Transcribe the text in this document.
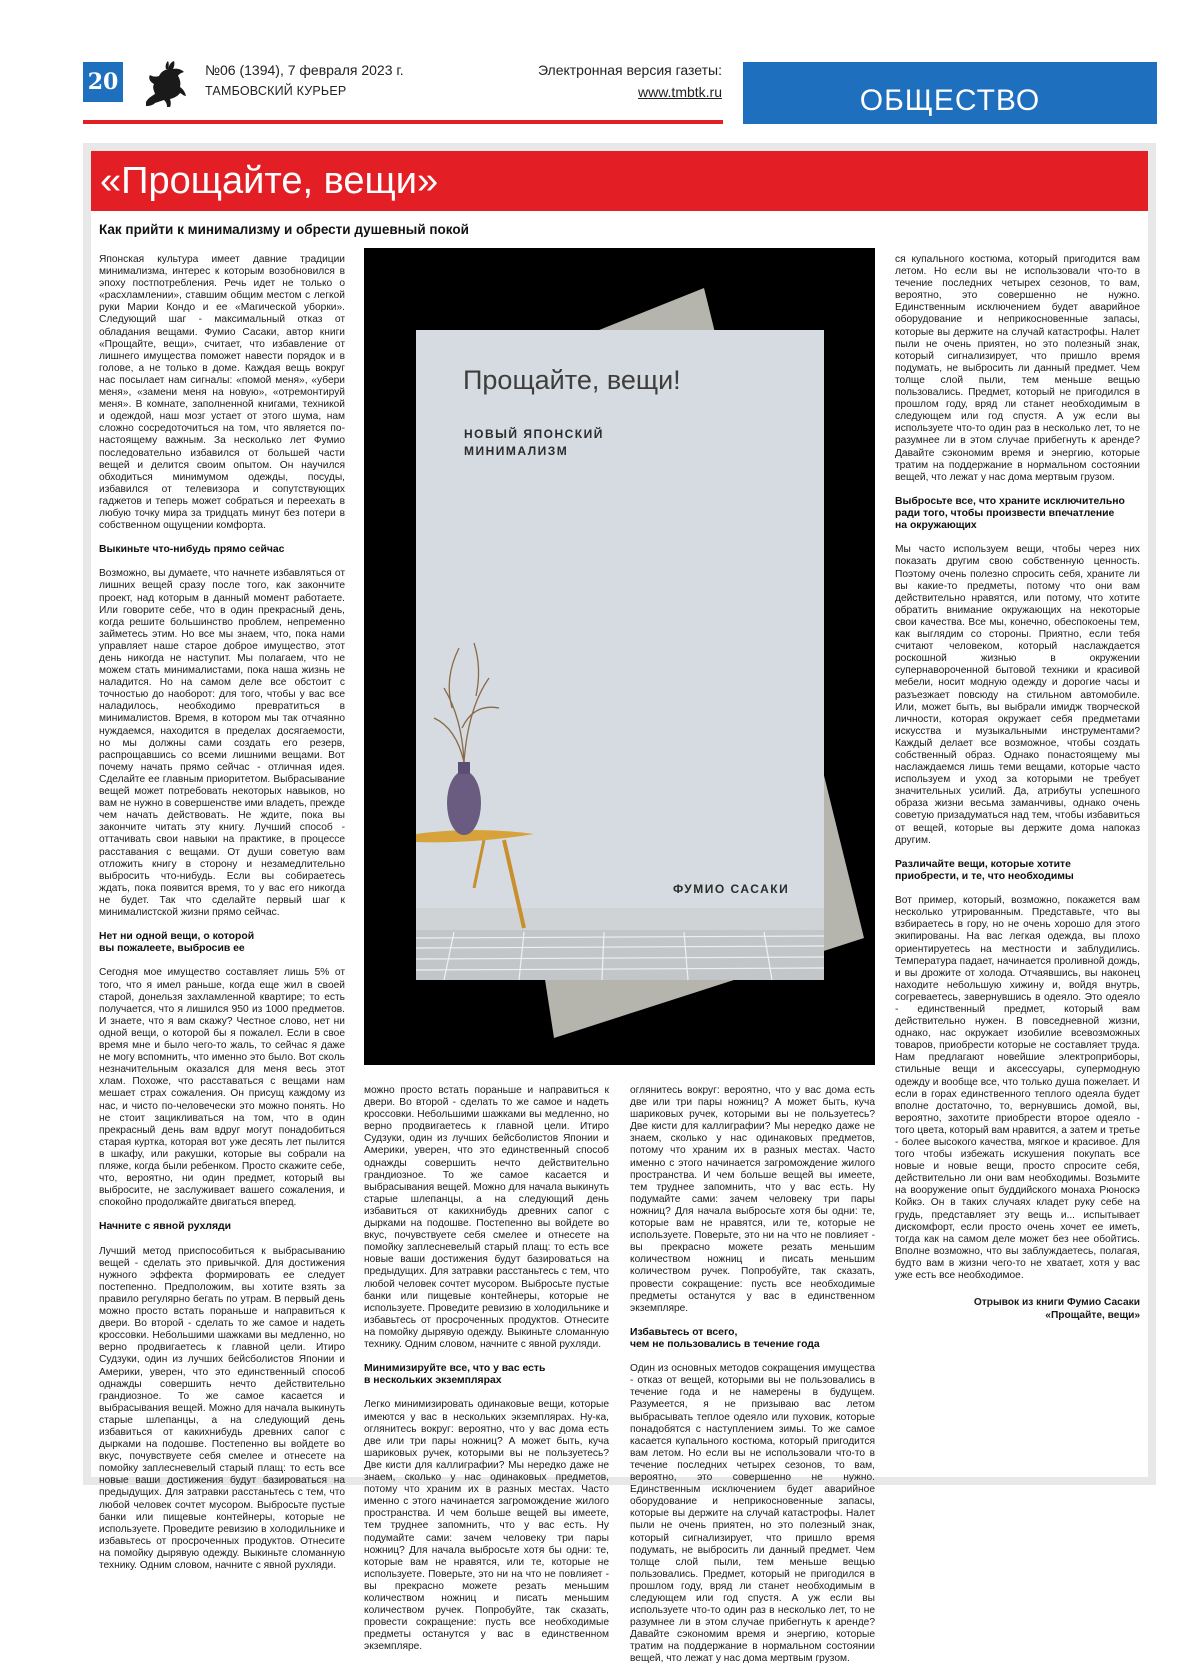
20	№06 (1394), 7 февраля 2023 г.
ТАМБОВСКИЙ КУРЬЕР
Электронная версия газеты:
www.tmbtk.ru	ОБЩЕСТВО
«Прощайте, вещи»
Как прийти к минимализму и обрести душевный покой

Японская культура имеет давние традиции минимализма, интерес к которым возобновился в эпоху постпотребления. Речь идет не только о «расхламлении», ставшим общим местом с легкой руки Марии Кондо и ее «Магической уборки». Следующий шаг - максимальный отказ от обладания вещами. Фумио Сасаки, автор книги «Прощайте, вещи», считает, что избавление от лишнего имущества поможет навести порядок и в голове, а не только в доме. Каждая вещь вокруг нас посылает нам сигналы: «помой меня», «убери меня», «замени меня на новую», «отремонтируй меня». В комнате, заполненной книгами, техникой и одеждой, наш мозг устает от этого шума, нам сложно сосредоточиться на том, что является по-настоящему важным. За несколько лет Фумио последовательно избавился от большей части вещей и делится своим опытом. Он научился обходиться минимумом одежды, посуды, избавился от телевизора и сопутствующих гаджетов и теперь может собраться и переехать в любую точку мира за тридцать минут без потери в собственном ощущении комфорта.

Выкиньте что-нибудь прямо сейчас

Возможно, вы думаете, что начнете избавляться от лишних вещей сразу после того, как закончите проект, над которым в данный момент работаете. Или говорите себе, что в один прекрасный день, когда решите большинство проблем, непременно займетесь этим. Но все мы знаем, что, пока нами управляет наше старое доброе имущество, этот день никогда не наступит. Мы полагаем, что не можем стать минималистами, пока наша жизнь не наладится. Но на самом деле все обстоит с точностью до наоборот: для того, чтобы у вас все наладилось, необходимо превратиться в минималистов. Время, в котором мы так отчаянно нуждаемся, находится в пределах досягаемости, но мы должны сами создать его резерв, распрощавшись со всеми лишними вещами. Вот почему начать прямо сейчас - отличная идея. Сделайте ее главным приоритетом. Выбрасывание вещей может потребовать некоторых навыков, но вам не нужно в совершенстве ими владеть, прежде чем начать действовать. Не ждите, пока вы закончите читать эту книгу. Лучший способ - оттачивать свои навыки на практике, в процессе расставания с вещами. От души советую вам отложить книгу в сторону и незамедлительно выбросить что-нибудь. Если вы собираетесь ждать, пока появится время, то у вас его никогда не будет. Так что сделайте первый шаг к минималистской жизни прямо сейчас.

Нет ни одной вещи, о которой
вы пожалеете, выбросив ее

Сегодня мое имущество составляет лишь 5% от того, что я имел раньше, когда еще жил в своей старой, донельзя захламленной квартире; то есть получается, что я лишился 950 из 1000 предметов. И знаете, что я вам скажу? Честное слово, нет ни одной вещи, о которой бы я пожалел. Если в свое время мне и было чего-то жаль, то сейчас я даже не могу вспомнить, что именно это было. Вот сколь незначительным оказался для меня весь этот хлам. Похоже, что расставаться с вещами нам мешает страх сожаления. Он присущ каждому из нас, и чисто по-человечески это можно понять. Но не стоит зацикливаться на том, что в один прекрасный день вам вдруг могут понадобиться старая куртка, которая вот уже десять лет пылится в шкафу, или ракушки, которые вы собрали на пляже, когда были ребенком. Просто скажите себе, что, вероятно, ни один предмет, который вы выбросите, не заслуживает вашего сожаления, и спокойно продолжайте двигаться вперед.

Начните с явной рухляди

Лучший метод приспособиться к выбрасыванию вещей - сделать это привычкой. Для достижения нужного эффекта формировать ее следует постепенно. Предположим, вы хотите взять за правило регулярно бегать по утрам. В первый день можно просто встать пораньше и направиться к двери. Во второй - сделать то же самое и надеть кроссовки. Небольшими шажками вы медленно, но верно продвигаетесь к главной цели. Итиро Судзуки, один из лучших бейсболистов Японии и Америки, уверен, что это единственный способ однажды совершить нечто действительно грандиозное. То же самое касается и выбрасывания вещей. Можно для начала выкинуть старые шлепанцы, а на следующий день избавиться от какихнибудь древних сапог с дырками на подошве. Постепенно вы войдете во вкус, почувствуете себя смелее и отнесете на помойку заплесневелый старый плащ: то есть все новые ваши достижения будут базироваться на предыдущих. Для затравки расстаньтесь с тем, что любой человек сочтет мусором. Выбросьте пустые банки или пищевые контейнеры, которые не используете. Проведите ревизию в холодильнике и избавьтесь от просроченных продуктов. Отнесите на помойку дырявую одежду. Выкиньте сломанную технику. Одним словом, начните с явной рухляди.

Прощайте, вещи!
НОВЫЙ ЯПОНСКИЙ
МИНИМАЛИЗМ
ФУМИО САСАКИ

можно просто встать пораньше и направиться к двери. Во второй - сделать то же самое и надеть кроссовки. Небольшими шажками вы медленно, но верно продвигаетесь к главной цели. Итиро Судзуки, один из лучших бейсболистов Японии и Америки, уверен, что это единственный способ однажды совершить нечто действительно грандиозное. То же самое касается и выбрасывания вещей. Можно для начала выкинуть старые шлепанцы, а на следующий день избавиться от какихнибудь древних сапог с дырками на подошве. Постепенно вы войдете во вкус, почувствуете себя смелее и отнесете на помойку заплесневелый старый плащ: то есть все новые ваши достижения будут базироваться на предыдущих. Для затравки расстаньтесь с тем, что любой человек сочтет мусором. Выбросьте пустые банки или пищевые контейнеры, которые не используете. Проведите ревизию в холодильнике и избавьтесь от просроченных продуктов. Отнесите на помойку дырявую одежду. Выкиньте сломанную технику. Одним словом, начните с явной рухляди.

Минимизируйте все, что у вас есть
в нескольких экземплярах

Легко минимизировать одинаковые вещи, которые имеются у вас в нескольких экземплярах. Ну-ка, оглянитесь вокруг: вероятно, что у вас дома есть две или три пары ножниц? А может быть, куча шариковых ручек, которыми вы не пользуетесь? Две кисти для каллиграфии? Мы нередко даже не знаем, сколько у нас одинаковых предметов, потому что храним их в разных местах. Часто именно с этого начинается загромождение жилого пространства. И чем больше вещей вы имеете, тем труднее запомнить, что у вас есть. Ну подумайте сами: зачем человеку три пары ножниц? Для начала выбросьте хотя бы одни: те, которые вам не нравятся, или те, которые не используете. Поверьте, это ни на что не повлияет - вы прекрасно можете резать меньшим количеством ножниц и писать меньшим количеством ручек. Попробуйте, так сказать, провести сокращение: пусть все необходимые предметы останутся у вас в единственном экземпляре.

оглянитесь вокруг: вероятно, что у вас дома есть две или три пары ножниц? А может быть, куча шариковых ручек, которыми вы не пользуетесь? Две кисти для каллиграфии? Мы нередко даже не знаем, сколько у нас одинаковых предметов, потому что храним их в разных местах. Часто именно с этого начинается загромождение жилого пространства. И чем больше вещей вы имеете, тем труднее запомнить, что у вас есть. Ну подумайте сами: зачем человеку три пары ножниц? Для начала выбросьте хотя бы одни: те, которые вам не нравятся, или те, которые не используете. Поверьте, это ни на что не повлияет - вы прекрасно можете резать меньшим количеством ножниц и писать меньшим количеством ручек. Попробуйте, так сказать, провести сокращение: пусть все необходимые предметы останутся у вас в единственном экземпляре.

Избавьтесь от всего,
чем не пользовались в течение года

Один из основных методов сокращения имущества - отказ от вещей, которыми вы не пользовались в течение года и не намерены в будущем. Разумеется, я не призываю вас летом выбрасывать теплое одеяло или пуховик, которые понадобятся с наступлением зимы. То же самое касается купального костюма, который пригодится вам летом. Но если вы не использовали что-то в течение последних четырех сезонов, то вам, вероятно, это совершенно не нужно. Единственным исключением будет аварийное оборудование и неприкосновенные запасы, которые вы держите на случай катастрофы. Налет пыли не очень приятен, но это полезный знак, который сигнализирует, что пришло время подумать, не выбросить ли данный предмет. Чем толще слой пыли, тем меньше вещью пользовались. Предмет, который не пригодился в прошлом году, вряд ли станет необходимым в следующем или год спустя. А уж если вы используете что-то один раз в несколько лет, то не разумнее ли в этом случае прибегнуть к аренде? Давайте сэкономим время и энергию, которые тратим на поддержание в нормальном состоянии вещей, что лежат у нас дома мертвым грузом.

ся купального костюма, который пригодится вам летом. Но если вы не использовали что-то в течение последних четырех сезонов, то вам, вероятно, это совершенно не нужно. Единственным исключением будет аварийное оборудование и неприкосновенные запасы, которые вы держите на случай катастрофы. Налет пыли не очень приятен, но это полезный знак, который сигнализирует, что пришло время подумать, не выбросить ли данный предмет. Чем толще слой пыли, тем меньше вещью пользовались. Предмет, который не пригодился в прошлом году, вряд ли станет необходимым в следующем или год спустя. А уж если вы используете что-то один раз в несколько лет, то не разумнее ли в этом случае прибегнуть к аренде? Давайте сэкономим время и энергию, которые тратим на поддержание в нормальном состоянии вещей, что лежат у нас дома мертвым грузом.

Выбросьте все, что храните исключительно
ради того, чтобы произвести впечатление
на окружающих

Мы часто используем вещи, чтобы через них показать другим свою собственную ценность. Поэтому очень полезно спросить себя, храните ли вы какие-то предметы, потому что они вам действительно нравятся, или потому, что хотите обратить внимание окружающих на некоторые свои качества. Все мы, конечно, обеспокоены тем, как выглядим со стороны. Приятно, если тебя считают человеком, который наслаждается роскошной жизнью в окружении супернавороченной бытовой техники и красивой мебели, носит модную одежду и дорогие часы и разъезжает повсюду на стильном автомобиле. Или, может быть, вы выбрали имидж творческой личности, которая окружает себя предметами искусства и музыкальными инструментами? Каждый делает все возможное, чтобы создать собственный образ. Однако понастоящему мы наслаждаемся лишь теми вещами, которые часто используем и уход за которыми не требует значительных усилий. Да, атрибуты успешного образа жизни весьма заманчивы, однако очень советую призадуматься над тем, чтобы избавиться от вещей, которые вы держите дома напоказ другим.

Различайте вещи, которые хотите
приобрести, и те, что необходимы

Вот пример, который, возможно, покажется вам несколько утрированным. Представьте, что вы взбираетесь в гору, но не очень хорошо для этого экипированы. На вас легкая одежда, вы плохо ориентируетесь на местности и заблудились. Температура падает, начинается проливной дождь, и вы дрожите от холода. Отчаявшись, вы наконец находите небольшую хижину и, войдя внутрь, согреваетесь, завернувшись в одеяло. Это одеяло - единственный предмет, который вам действительно нужен. В повседневной жизни, однако, нас окружает изобилие всевозможных товаров, приобрести которые не составляет труда. Нам предлагают новейшие электроприборы, стильные вещи и аксессуары, супермодную одежду и вообще все, что только душа пожелает. И если в горах единственного теплого одеяла будет вполне достаточно, то, вернувшись домой, вы, вероятно, захотите приобрести второе одеяло - того цвета, который вам нравится, а затем и третье - более высокого качества, мягкое и красивое. Для того чтобы избежать искушения покупать все новые и новые вещи, просто спросите себя, действительно ли они вам необходимы. Возьмите на вооружение опыт буддийского монаха Рюноскэ Койкэ. Он в таких случаях кладет руку себе на грудь, представляет эту вещь и... испытывает дискомфорт, если просто очень хочет ее иметь, тогда как на самом деле может без нее обойтись. Вполне возможно, что вы заблуждаетесь, полагая, будто вам в жизни чего-то не хватает, хотя у вас уже есть все необходимое.

Отрывок из книги Фумио Сасаки
«Прощайте, вещи»
